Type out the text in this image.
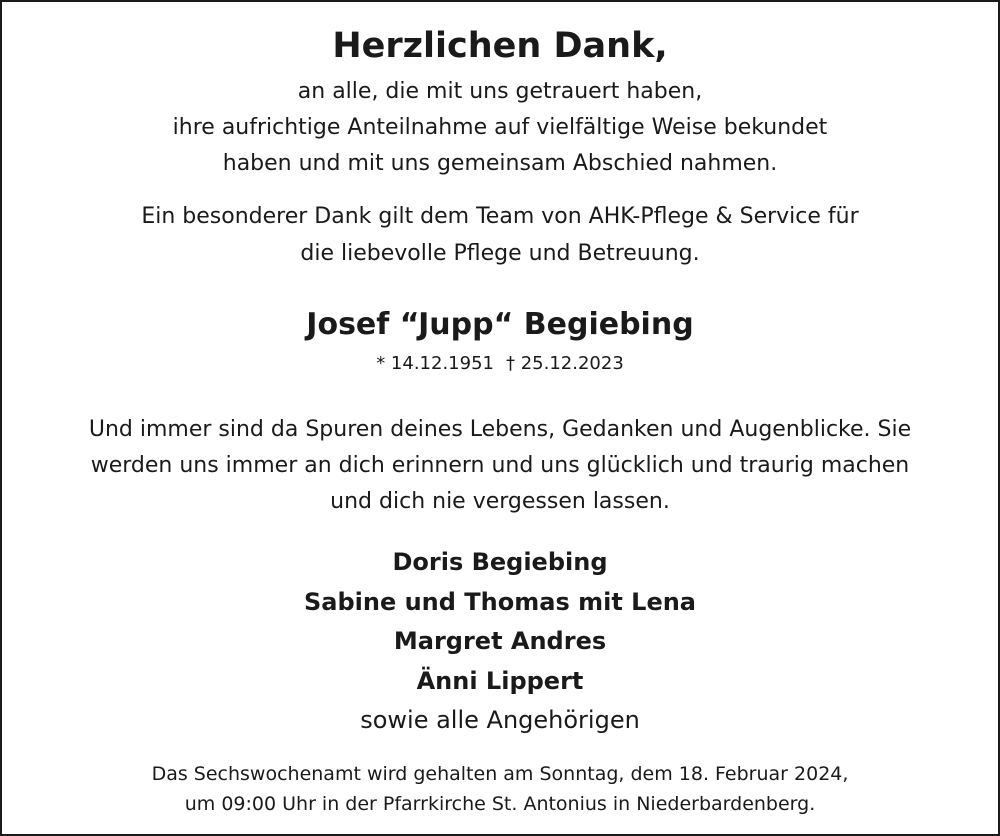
Herzlichen Dank,

an alle, die mit uns getrauert haben,

ihre aufrichtige Anteilnahme auf vielfältige Weise bekundet

haben und mit uns gemeinsam Abschied nahmen.

Ein besonderer Dank gilt dem Team von AHK-Pflege & Service für

die liebevolle Pflege und Betreuung.

Josef “Jupp“ Begiebing

* 14.12.1951 † 25.12.2023

Und immer sind da Spuren deines Lebens, Gedanken und Augenblicke. Sie

werden uns immer an dich erinnern und uns glücklich und traurig machen

und dich nie vergessen lassen.

Doris Begiebing

Sabine und Thomas mit Lena

Margret Andres

Änni Lippert

sowie alle Angehörigen

Das Sechswochenamt wird gehalten am Sonntag, dem 18. Februar 2024,

um 09:00 Uhr in der Pfarrkirche St. Antonius in Niederbardenberg.
